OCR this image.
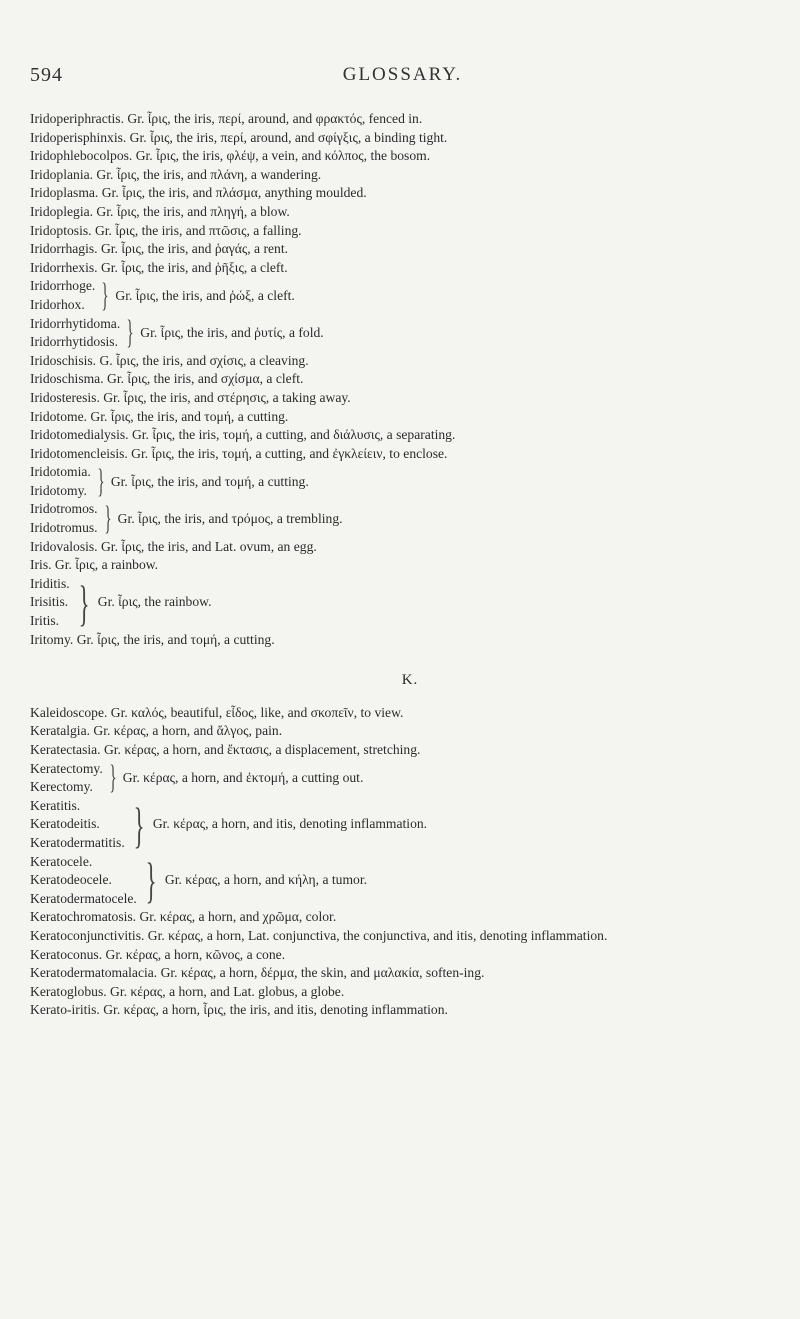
594	GLOSSARY.
Iridoperiphractis. Gr. ἶρις, the iris, περί, around, and φρακτός, fenced in.
Iridoperisphinxis. Gr. ἶρις, the iris, περί, around, and σφίγξις, a binding tight.
Iridophlebocolpos. Gr. ἶρις, the iris, φλέψ, a vein, and κόλπος, the bosom.
Iridoplania. Gr. ἶρις, the iris, and πλάνη, a wandering.
Iridoplasma. Gr. ἶρις, the iris, and πλάσμα, anything moulded.
Iridoplegia. Gr. ἶρις, the iris, and πληγή, a blow.
Iridoptosis. Gr. ἶρις, the iris, and πτῶσις, a falling.
Iridorrhagis. Gr. ἶρις, the iris, and ῥαγάς, a rent.
Iridorrhexis. Gr. ἶρις, the iris, and ῥῆξις, a cleft.
Iridorrhoge.
Iridorhox. } Gr. ἶρις, the iris, and ῥώξ, a cleft.
Iridorrhytidoma.
Iridorrhytidosis. } Gr. ἶρις, the iris, and ῥυτίς, a fold.
Iridoschisis. G. ἶρις, the iris, and σχίσις, a cleaving.
Iridoschisma. Gr. ἶρις, the iris, and σχίσμα, a cleft.
Iridosteresis. Gr. ἶρις, the iris, and στέρησις, a taking away.
Iridotome. Gr. ἶρις, the iris, and τομή, a cutting.
Iridotomedialysis. Gr. ἶρις, the iris, τομή, a cutting, and διάλυσις, a separating.
Iridotomencleisis. Gr. ἶρις, the iris, τομή, a cutting, and ἐγκλείειν, to enclose.
Iridotomia.
Iridotomy. } Gr. ἶρις, the iris, and τομή, a cutting.
Iridotromos.
Iridotromus. } Gr. ἶρις, the iris, and τρόμος, a trembling.
Iridovalosis. Gr. ἶρις, the iris, and Lat. ovum, an egg.
Iris. Gr. ἶρις, a rainbow.
Iriditis.
Irisitis.
Iritis. } Gr. ἶρις, the rainbow.
Iritomy. Gr. ἶρις, the iris, and τομή, a cutting.
K.
Kaleidoscope. Gr. καλός, beautiful, εἶδος, like, and σκοπεῖν, to view.
Keratalgia. Gr. κέρας, a horn, and ἄλγος, pain.
Keratectasia. Gr. κέρας, a horn, and ἔκτασις, a displacement, stretching.
Keratectomy.
Kerectomy. } Gr. κέρας, a horn, and ἐκτομή, a cutting out.
Keratitis.
Keratodeitis.
Keratodermatitis. } Gr. κέρας, a horn, and itis, denoting inflammation.
Keratocele.
Keratodeocele.
Keratodermatocele. } Gr. κέρας, a horn, and κήλη, a tumor.
Keratochromatosis. Gr. κέρας, a horn, and χρῶμα, color.
Keratoconjunctivitis. Gr. κέρας, a horn, Lat. conjunctiva, the conjunctiva, and itis, denoting inflammation.
Keratoconus. Gr. κέρας, a horn, κῶνος, a cone.
Keratodermatomalacia. Gr. κέρας, a horn, δέρμα, the skin, and μαλακία, soften-ing.
Keratoglobus. Gr. κέρας, a horn, and Lat. globus, a globe.
Kerato-iritis. Gr. κέρας, a horn, ἶρις, the iris, and itis, denoting inflammation.
